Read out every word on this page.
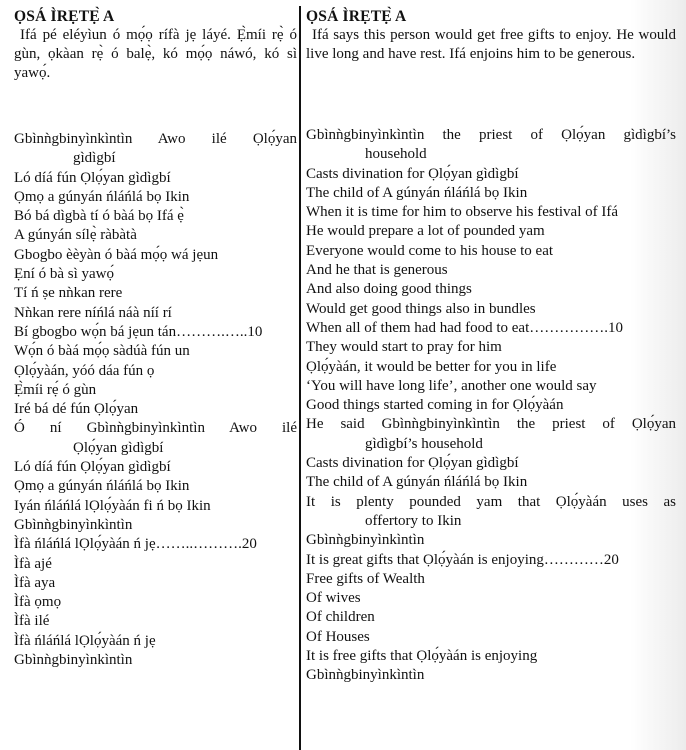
ỌSÁ ÌRẸTẸ̀ A

Ifá pé eléyìun ó mọ́ọ rífà jẹ láyé. Ẹ̀míi rẹ̀ ó gùn, ọkàan rẹ̀ ó balẹ̀, kó mọ́ọ náwó, kó sì yawọ́.

Gbìnǹgbinyìnkìntìn Awo ilé Ọlọ́yan
gìdìgbí

Ló díá fún Ọlọ́yan gìdìgbí

Ọmọ a gúnyán ńláńlá bọ Ikin

Bó bá dìgbà tí ó bàá bọ Ifá ẹ̀

A gúnyán sílẹ̀ ràbàtà

Gbogbo èèyàn ó bàá mọ́ọ wá jẹun

Ẹní ó bà sì yawọ́

Tí ń ṣe nǹkan rere

Nǹkan rere níńlá náà níí rí

Bí gbogbo wọ́n bá jẹun tán……….…..10

Wọ́n ó bàá mọ́ọ sàdúà fún un

Ọlọ́yàán, yóó dáa fún ọ

Ẹ̀míi rẹ́ ó gùn

Iré bá dé fún Ọlọ́yan

Ó ní Gbìnǹgbinyìnkìntìn Awo ilé
Ọlọ́yan gìdìgbí

Ló díá fún Ọlọ́yan gìdìgbí

Ọmọ a gúnyán ńláńlá bọ Ikin

Iyán ńláńlá lỌlọ́yàán fi ń bọ Ikin

Gbìnǹgbinyìnkìntìn

Ìfà ńláńlá lỌlọ́yàán ń jẹ……..……….20

Ìfà ajé

Ìfà aya

Ìfà ọmọ

Ìfà ilé

Ìfà ńláńlá lỌlọ́yàán ń jẹ

Gbìnǹgbinyìnkìntìn

ỌSÁ ÌRẸTẸ̀ A

Ifá says this person would get free gifts to enjoy. He would live long and have rest. Ifá enjoins him to be generous.

Gbìnǹgbinyìnkìntìn the priest of Ọlọ́yan gìdìgbí’s
household

Casts divination for Ọlọ́yan gìdìgbí

The child of A gúnyán ńláńlá bọ Ikin

When it is time for him to observe his festival of Ifá

He would prepare a lot of pounded yam

Everyone would come to his house to eat

And he that is generous

And also doing good things

Would get good things also in bundles

When all of them had had food to eat…………….10

They would start to pray for him

Ọlọ́yàán, it would be better for you in life

‘You will have long life’, another one would say

Good things started coming in for Ọlọ́yàán

He said Gbìnǹgbinyìnkìntìn the priest of Ọlọ́yan
gìdìgbí’s household

Casts divination for Ọlọ́yan gìdìgbí

The child of A gúnyán ńláńlá bọ Ikin

It is plenty pounded yam that Ọlọ́yàán uses as
offertory to Ikin

Gbìnǹgbinyìnkìntìn

It is great gifts that Ọlọ́yàán is enjoying…………20

Free gifts of Wealth

Of wives

Of children

Of Houses

It is free gifts that Ọlọ́yàán is enjoying

Gbìnǹgbinyìnkìntìn
